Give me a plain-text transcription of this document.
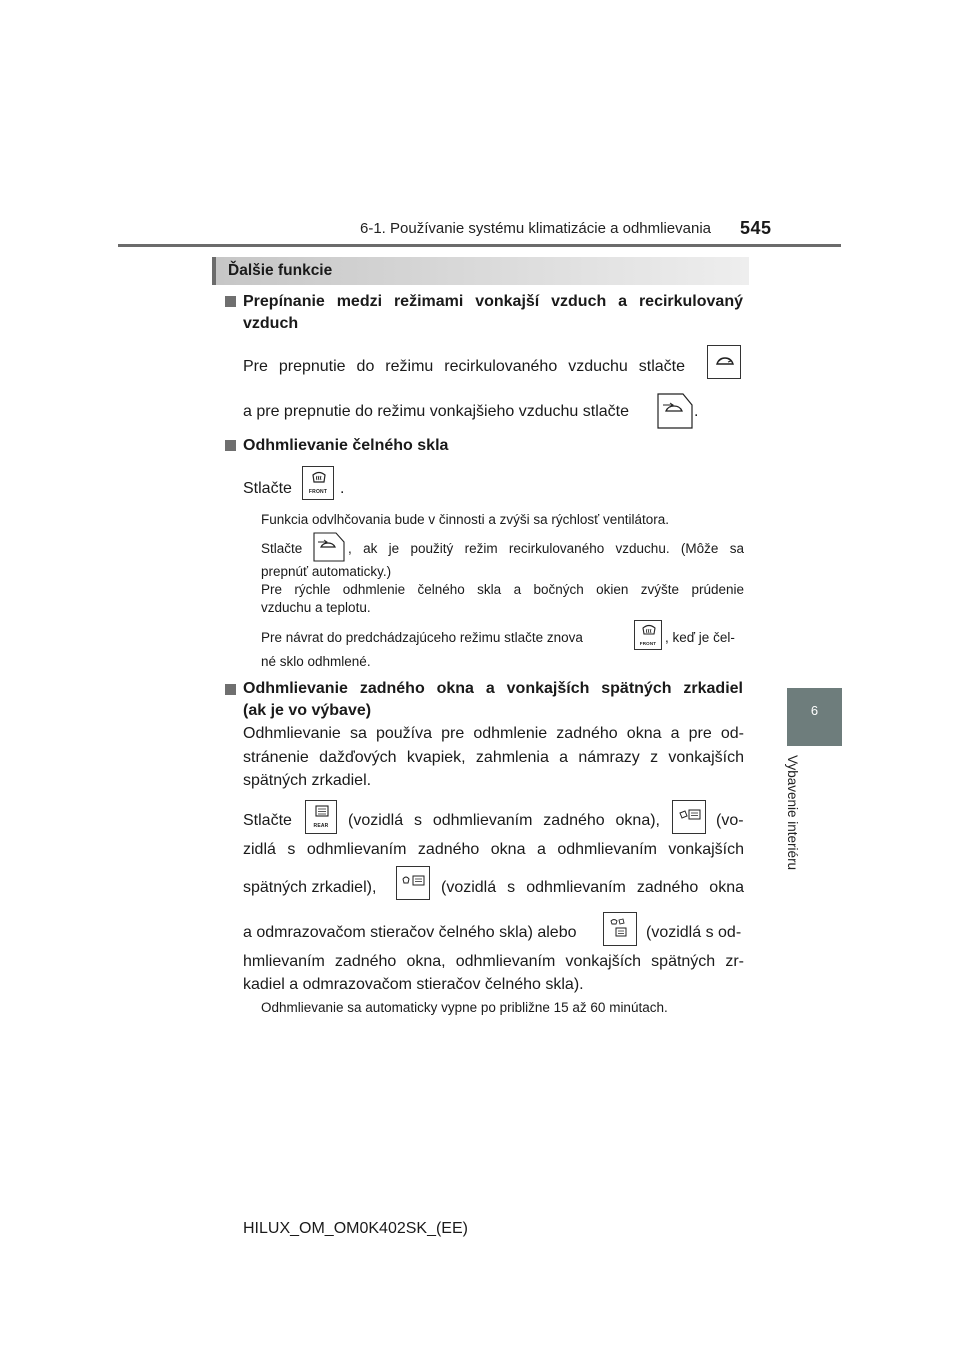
6-1. Používanie systému klimatizácie a odhmlievania 545
6
Vybavenie interiéru
Ďalšie funkcie
Prepínanie medzi režimami vonkajší vzduch a recirkulovaný
vzduch
Pre prepnutie do režimu recirkulovaného vzduchu stlačte
a pre prepnutie do režimu vonkajšieho vzduchu stlačte	.
Odhmlievanie čelného skla
Stlačte	FRONT .
Funkcia odvlhčovania bude v činnosti a zvýši sa rýchlosť ventilátora.
Stlačte	, ak je použitý režim recirkulovaného vzduchu. (Môže sa
prepnúť automaticky.)
Pre rýchle odhmlenie čelného skla a bočných okien zvýšte prúdenie
vzduchu a teplotu.
Pre návrat do predchádzajúceho režimu stlačte znova	FRONT , keď je čel-
né sklo odhmlené.
Odhmlievanie zadného okna a vonkajších spätných zrkadiel
(ak je vo výbave)
Odhmlievanie sa používa pre odhmlenie zadného okna a pre od-
stránenie dažďových kvapiek, zahmlenia a námrazy z vonkajších
spätných zrkadiel.
Stlačte	REAR	(vozidlá s odhmlievaním zadného okna),	(vo-
zidlá s odhmlievaním zadného okna a odhmlievaním vonkajších
spätných zrkadiel),	(vozidlá s odhmlievaním zadného okna
a odmrazovačom stieračov čelného skla) alebo	(vozidlá s od-
hmlievaním zadného okna, odhmlievaním vonkajších spätných zr-
kadiel a odmrazovačom stieračov čelného skla).
Odhmlievanie sa automaticky vypne po približne 15 až 60 minútach.
HILUX_OM_OM0K402SK_(EE)
